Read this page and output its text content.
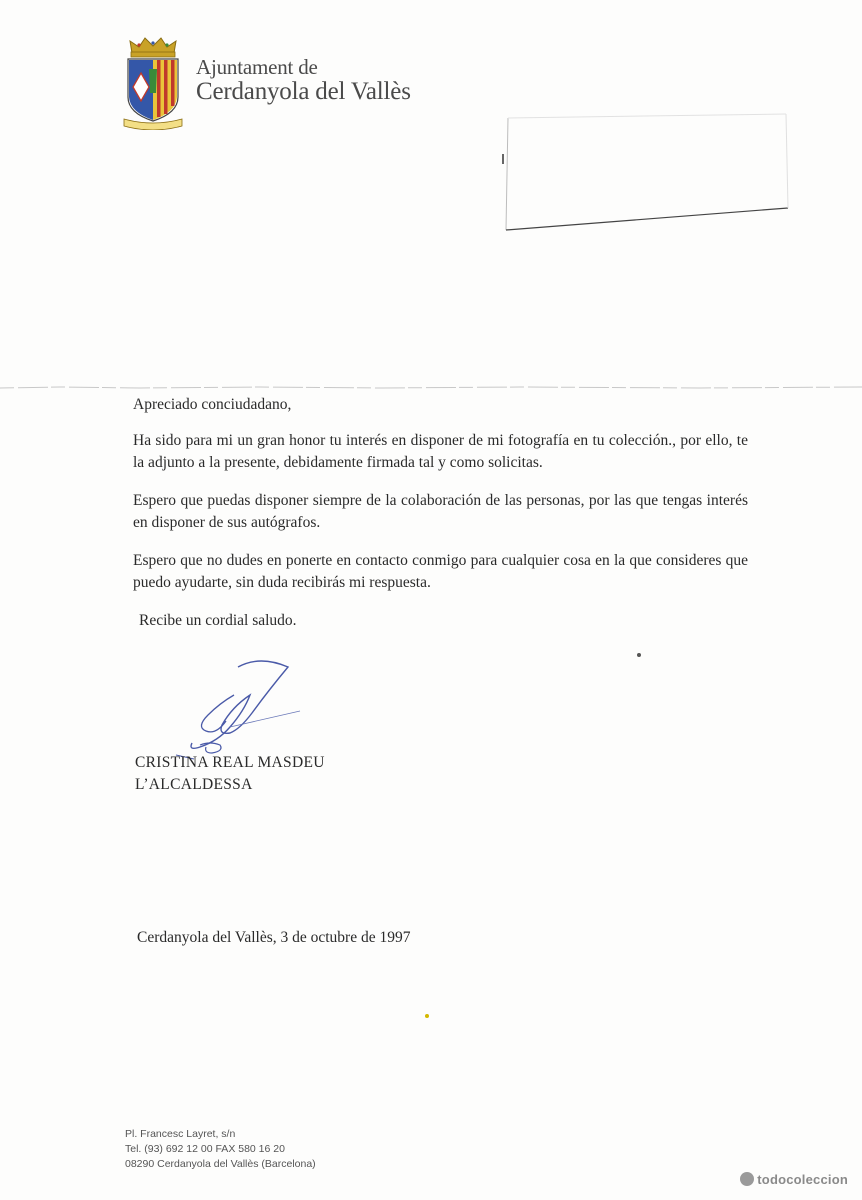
Ajuntament de
Cerdanyola del Vallès

Apreciado conciudadano,

Ha sido para mi un gran honor tu interés en disponer de mi fotografía en tu colección., por ello, te la adjunto a la presente, debidamente firmada tal y como solicitas.

Espero que puedas disponer siempre de la colaboración de las personas, por las que tengas interés en disponer de sus autógrafos.

Espero que no dudes en ponerte en contacto conmigo para cualquier cosa en la que consideres que puedo ayudarte, sin duda recibirás mi respuesta.

Recibe un cordial saludo.

CRISTINA REAL MASDEU
L’ALCALDESSA
Cerdanyola del Vallès, 3 de octubre de 1997
Pl. Francesc Layret, s/n
Tel. (93) 692 12 00 FAX 580 16 20
08290 Cerdanyola del Vallès (Barcelona)
todocoleccion
